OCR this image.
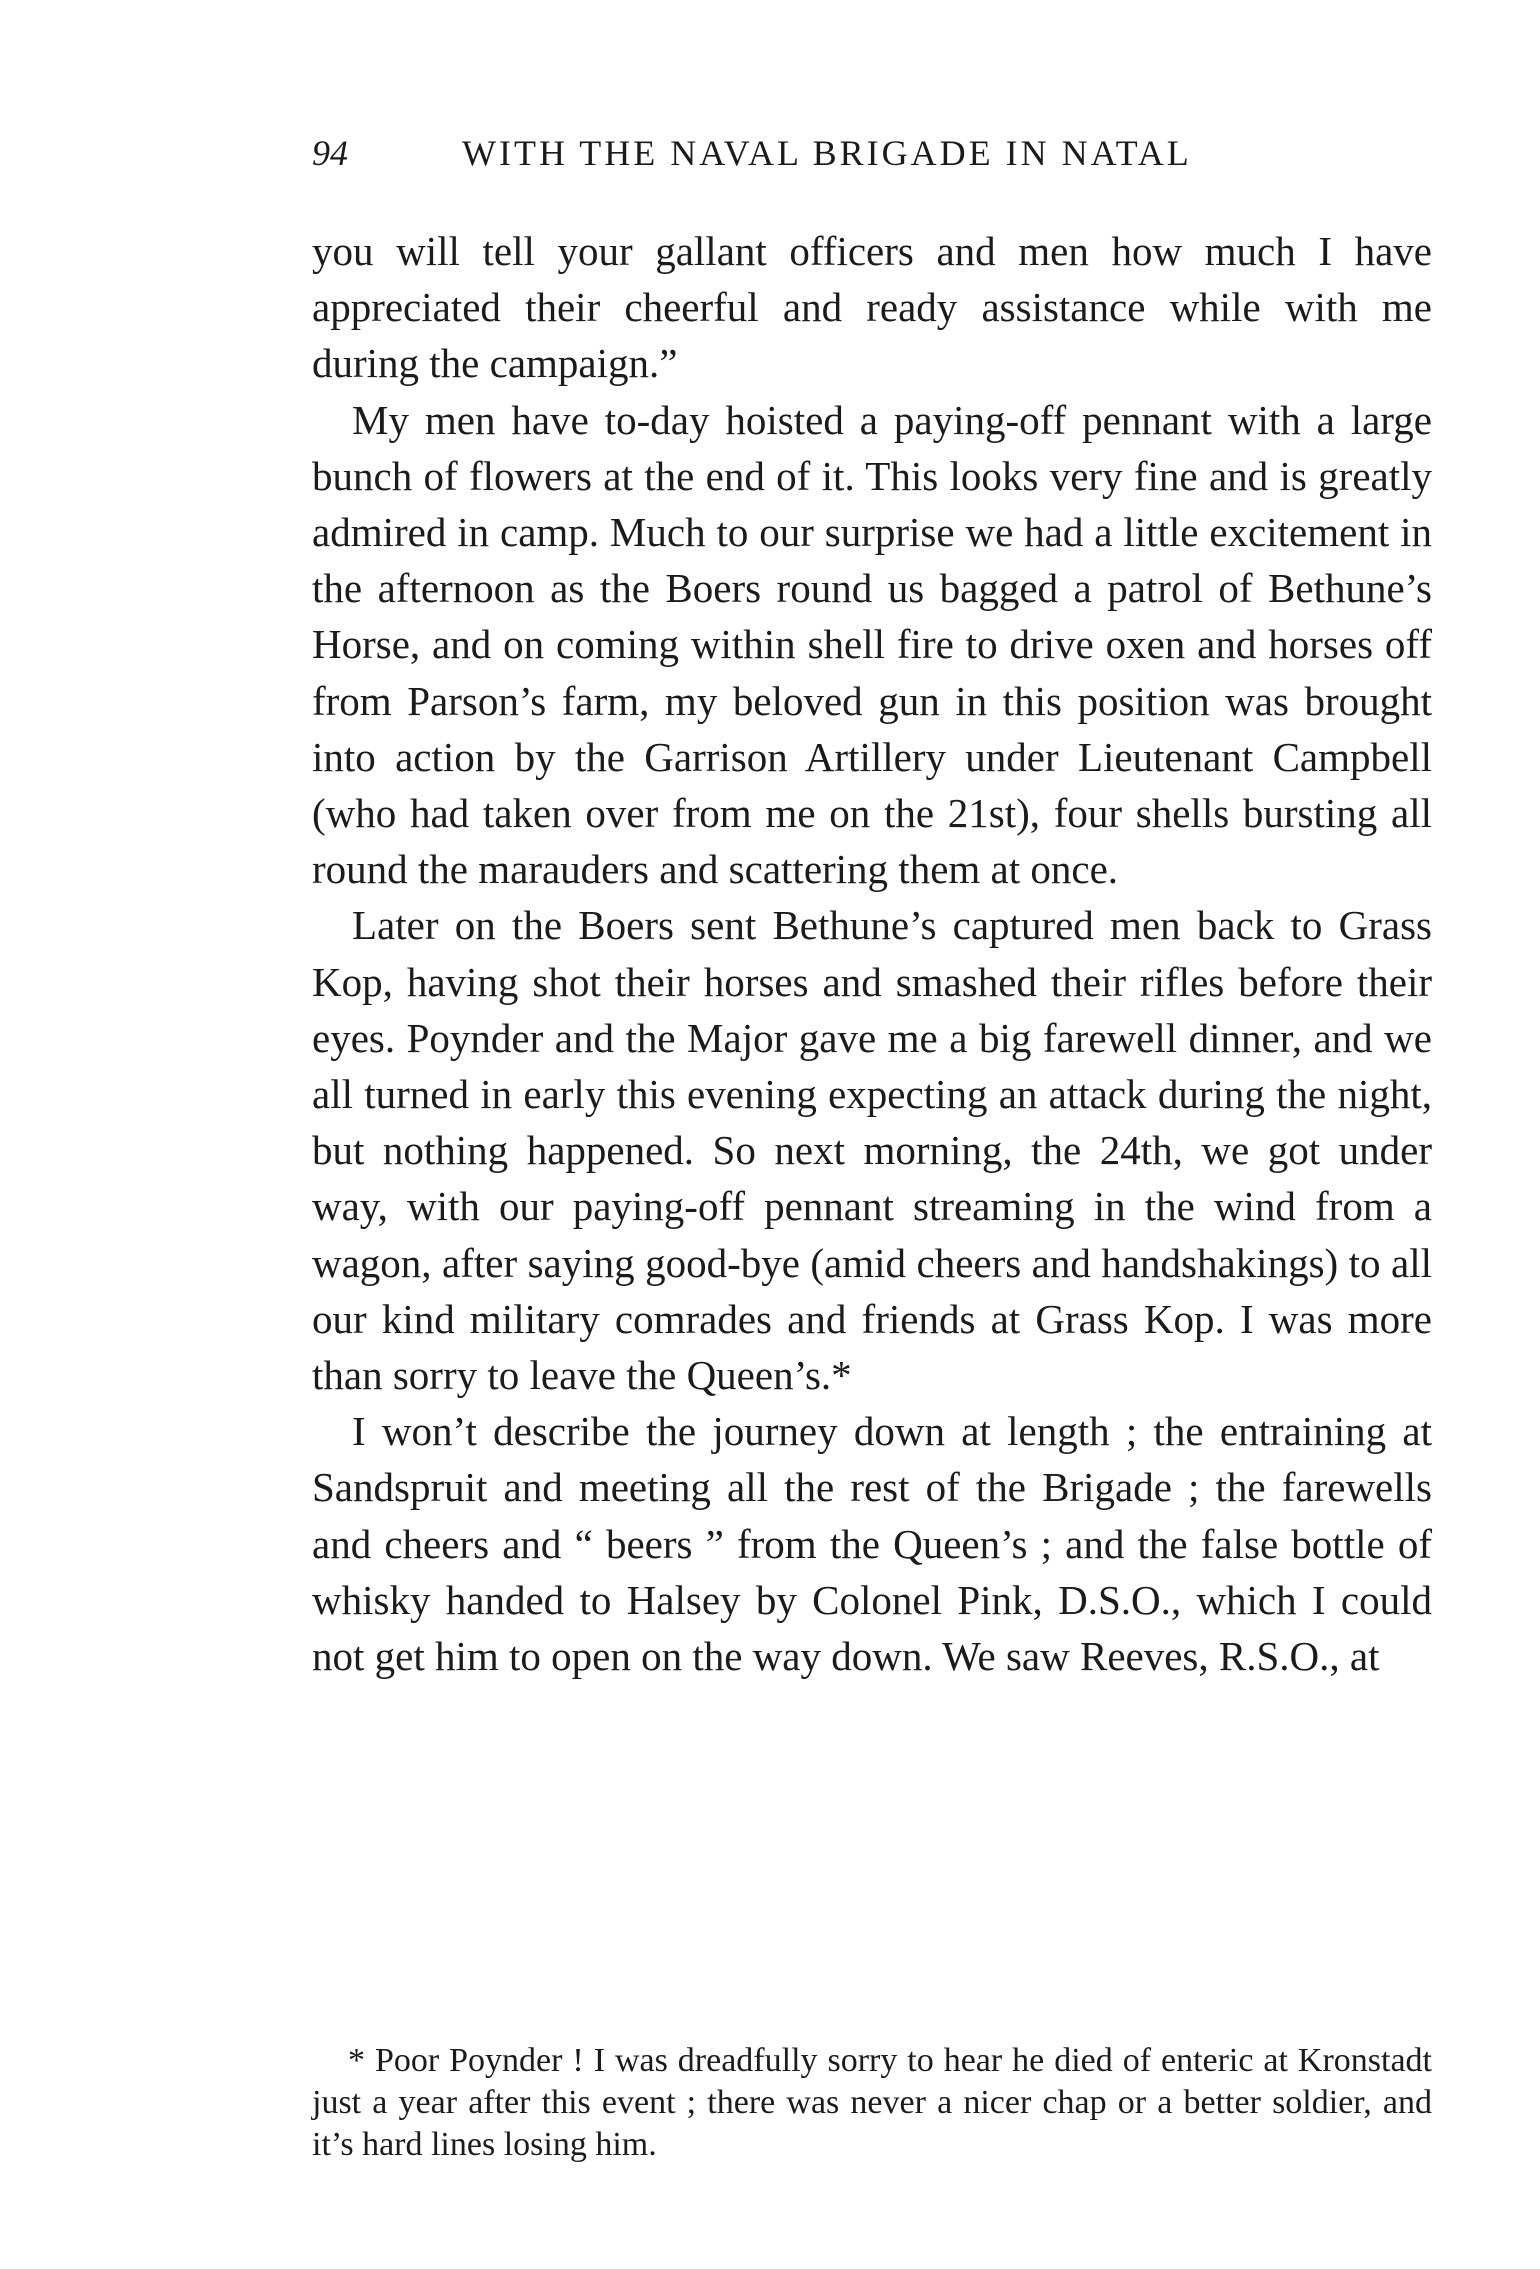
94	WITH THE NAVAL BRIGADE IN NATAL

you will tell your gallant officers and men how much I have appreciated their cheerful and ready assistance while with me during the campaign.”

My men have to-day hoisted a paying-off pennant with a large bunch of flowers at the end of it. This looks very fine and is greatly admired in camp. Much to our surprise we had a little excitement in the afternoon as the Boers round us bagged a patrol of Bethune’s Horse, and on coming within shell fire to drive oxen and horses off from Parson’s farm, my beloved gun in this position was brought into action by the Garrison Artillery under Lieutenant Campbell (who had taken over from me on the 21st), four shells bursting all round the marauders and scattering them at once.

Later on the Boers sent Bethune’s captured men back to Grass Kop, having shot their horses and smashed their rifles before their eyes. Poynder and the Major gave me a big farewell dinner, and we all turned in early this evening expecting an attack during the night, but nothing happened. So next morning, the 24th, we got under way, with our paying-off pennant streaming in the wind from a wagon, after saying good-bye (amid cheers and handshakings) to all our kind military comrades and friends at Grass Kop. I was more than sorry to leave the Queen’s.*

I won’t describe the journey down at length ; the entraining at Sandspruit and meeting all the rest of the Brigade ; the farewells and cheers and “ beers ” from the Queen’s ; and the false bottle of whisky handed to Halsey by Colonel Pink, D.S.O., which I could not get him to open on the way down. We saw Reeves, R.S.O., at

* Poor Poynder ! I was dreadfully sorry to hear he died of enteric at Kronstadt just a year after this event ; there was never a nicer chap or a better soldier, and it’s hard lines losing him.
